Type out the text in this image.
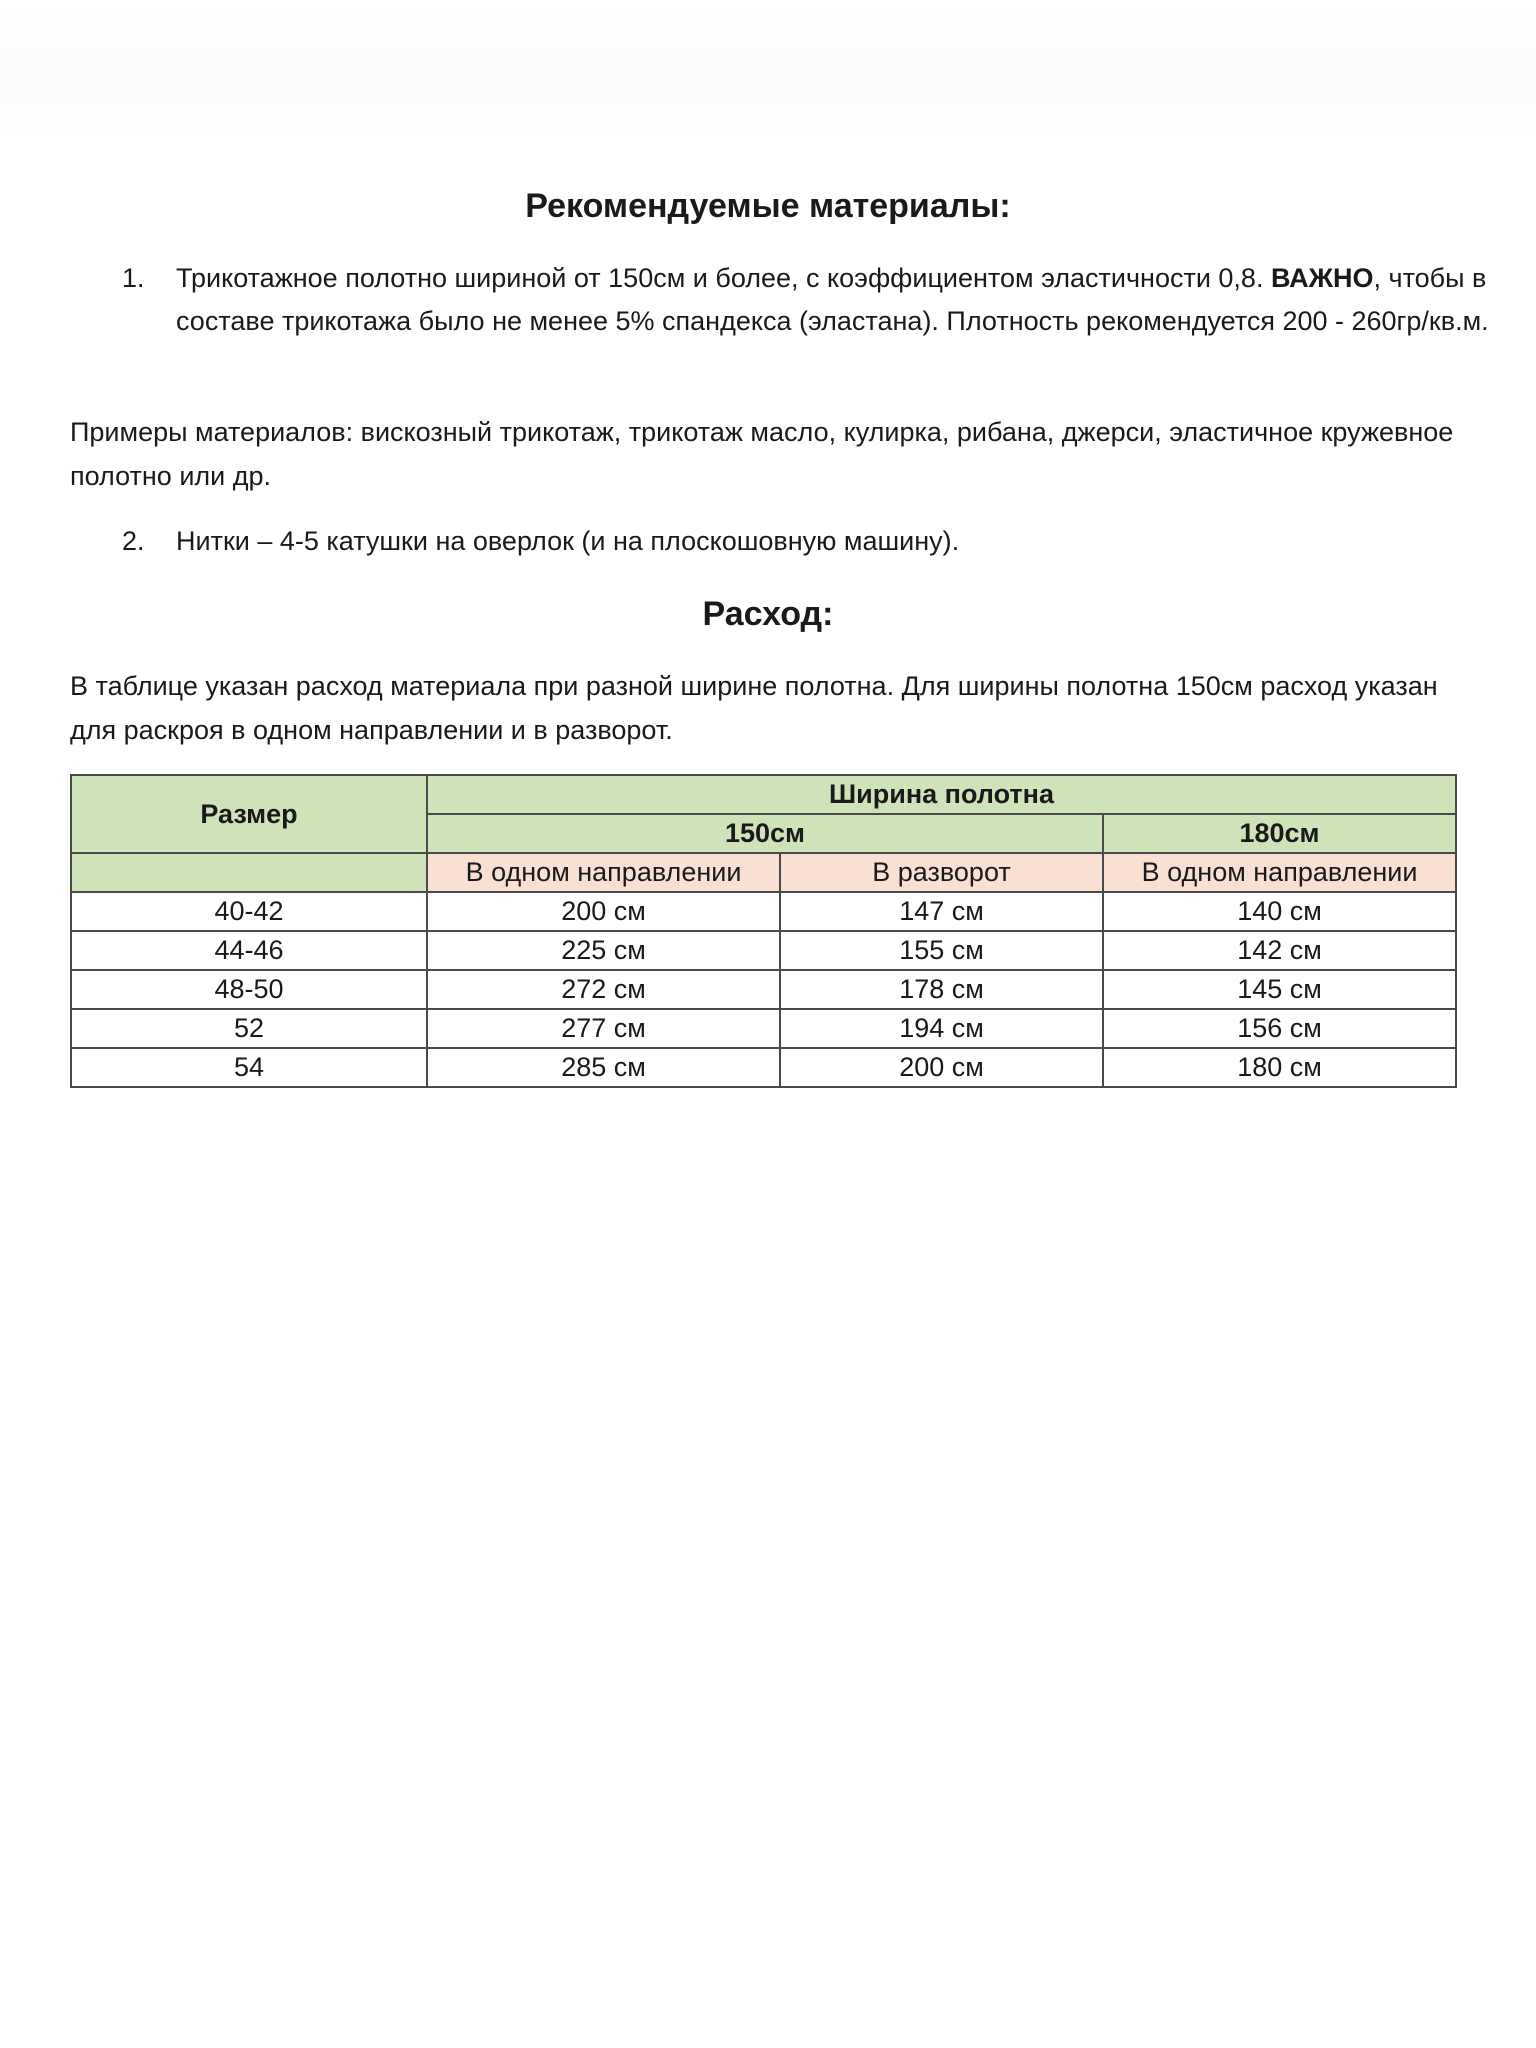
Рекомендуемые материалы:
1. Трикотажное полотно шириной от 150см и более, с коэффициентом эластичности 0,8. ВАЖНО, чтобы в составе трикотажа было не менее 5% спандекса (эластана). Плотность рекомендуется 200 - 260гр/кв.м.

Примеры материалов: вискозный трикотаж, трикотаж масло, кулирка, рибана, джерси, эластичное кружевное полотно или др.

2. Нитки – 4-5 катушки на оверлок (и на плоскошовную машину).
Расход:

В таблице указан расход материала при разной ширине полотна. Для ширины полотна 150см расход указан для раскроя в одном направлении и в разворот.

Размер	Ширина полотна		
	150см		180см
	В одном направлении	В разворот	В одном направлении
40-42	200 см	147 см	140 см
44-46	225 см	155 см	142 см
48-50	272 см	178 см	145 см
52	277 см	194 см	156 см
54	285 см	200 см	180 см
